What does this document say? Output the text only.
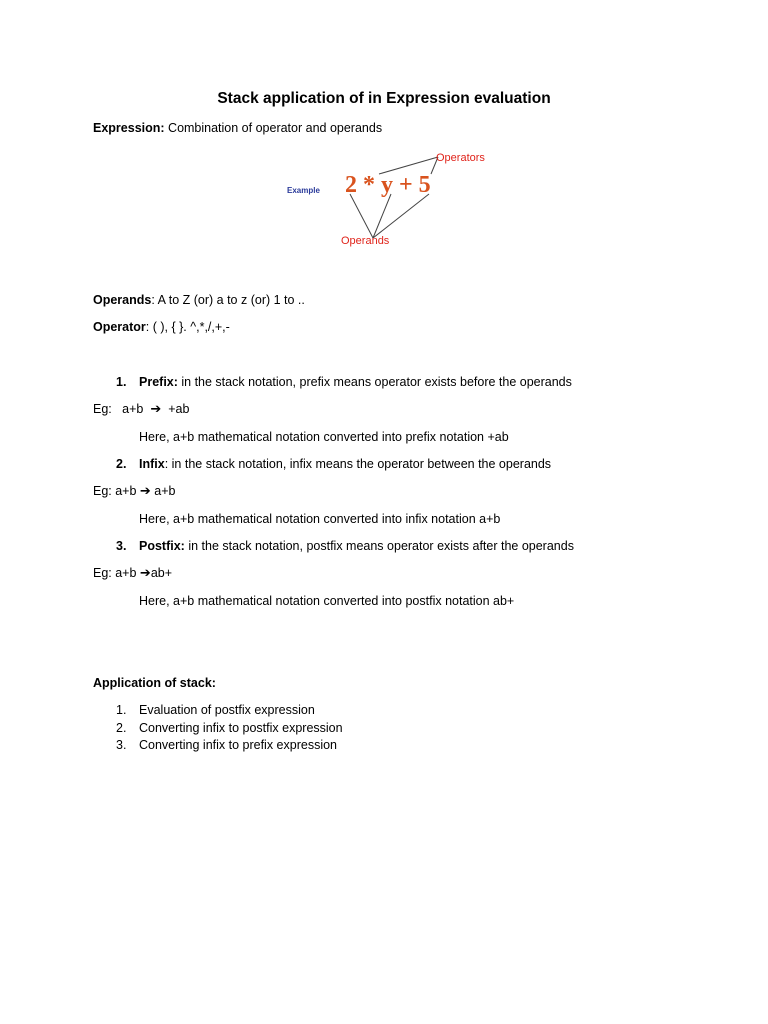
Stack application of in Expression evaluation
Expression: Combination of operator and operands
Example 2 * y + 5
Operators
Operands
Operands: A to Z (or) a to z (or) 1 to ..
Operator: ( ), { }. ^,*,/,+,-
1. Prefix: in the stack notation, prefix means operator exists before the operands
Eg:   a+b  ➔  +ab
Here, a+b mathematical notation converted into prefix notation +ab
2. Infix: in the stack notation, infix means the operator between the operands
Eg: a+b ➔ a+b
Here, a+b mathematical notation converted into infix notation a+b
3. Postfix: in the stack notation, postfix means operator exists after the operands
Eg: a+b ➔ab+
Here, a+b mathematical notation converted into postfix notation ab+
Application of stack:
1. Evaluation of postfix expression
2. Converting infix to postfix expression
3. Converting infix to prefix expression
